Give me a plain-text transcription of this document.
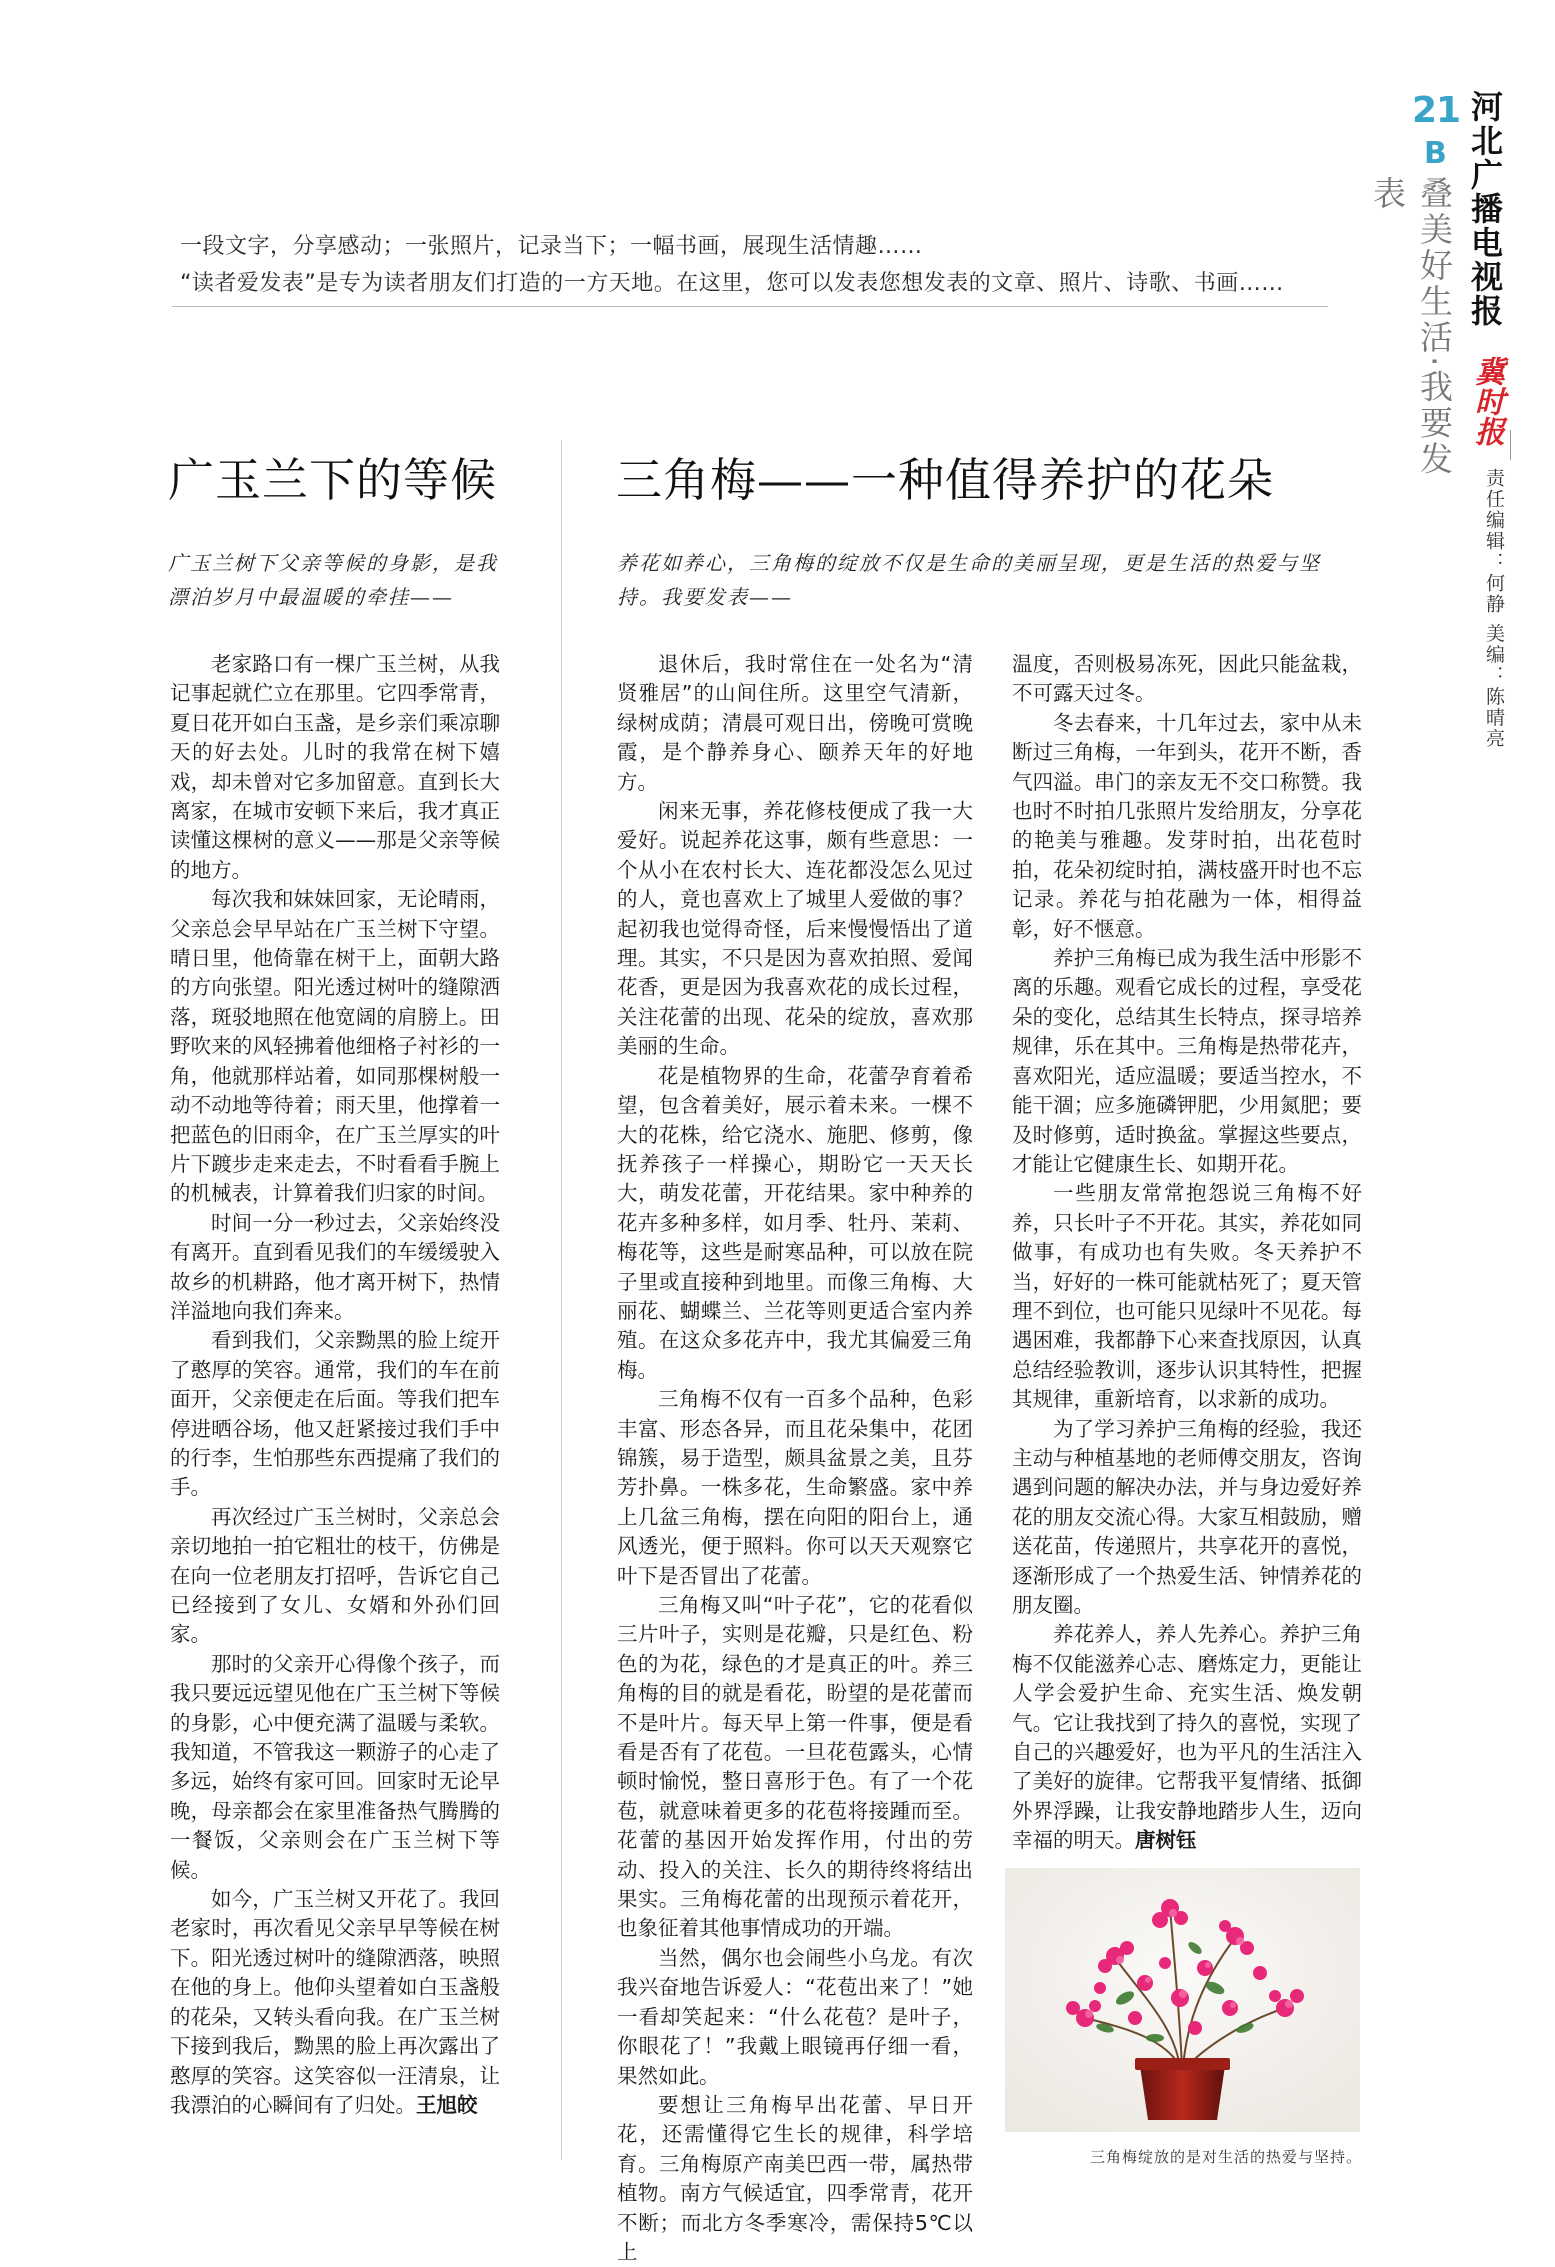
21
B
叠美好生活·我要发表	河北广播电视报
冀时报
责任编辑：何静 美编：陈晴亮

一段文字，分享感动；一张照片，记录当下；一幅书画，展现生活情趣……

“读者爱发表”是专为读者朋友们打造的一方天地。在这里，您可以发表您想发表的文章、照片、诗歌、书画……

广玉兰下的等候

广玉兰树下父亲等候的身影，是我漂泊岁月中最温暖的牵挂——

老家路口有一棵广玉兰树，从我记事起就伫立在那里。它四季常青，夏日花开如白玉盏，是乡亲们乘凉聊天的好去处。儿时的我常在树下嬉戏，却未曾对它多加留意。直到长大离家，在城市安顿下来后，我才真正读懂这棵树的意义——那是父亲等候的地方。

每次我和妹妹回家，无论晴雨，父亲总会早早站在广玉兰树下守望。晴日里，他倚靠在树干上，面朝大路的方向张望。阳光透过树叶的缝隙洒落，斑驳地照在他宽阔的肩膀上。田野吹来的风轻拂着他细格子衬衫的一角，他就那样站着，如同那棵树般一动不动地等待着；雨天里，他撑着一把蓝色的旧雨伞，在广玉兰厚实的叶片下踱步走来走去，不时看看手腕上的机械表，计算着我们归家的时间。

时间一分一秒过去，父亲始终没有离开。直到看见我们的车缓缓驶入故乡的机耕路，他才离开树下，热情洋溢地向我们奔来。

看到我们，父亲黝黑的脸上绽开了憨厚的笑容。通常，我们的车在前面开，父亲便走在后面。等我们把车停进晒谷场，他又赶紧接过我们手中的行李，生怕那些东西提痛了我们的手。

再次经过广玉兰树时，父亲总会亲切地拍一拍它粗壮的枝干，仿佛是在向一位老朋友打招呼，告诉它自己已经接到了女儿、女婿和外孙们回家。

那时的父亲开心得像个孩子，而我只要远远望见他在广玉兰树下等候的身影，心中便充满了温暖与柔软。我知道，不管我这一颗游子的心走了多远，始终有家可回。回家时无论早晚，母亲都会在家里准备热气腾腾的一餐饭，父亲则会在广玉兰树下等候。

如今，广玉兰树又开花了。我回老家时，再次看见父亲早早等候在树下。阳光透过树叶的缝隙洒落，映照在他的身上。他仰头望着如白玉盏般的花朵，又转头看向我。在广玉兰树下接到我后，黝黑的脸上再次露出了憨厚的笑容。这笑容似一汪清泉，让我漂泊的心瞬间有了归处。王旭皎

三角梅——一种值得养护的花朵

养花如养心，三角梅的绽放不仅是生命的美丽呈现，更是生活的热爱与坚持。我要发表——

退休后，我时常住在一处名为“清贤雅居”的山间住所。这里空气清新，绿树成荫；清晨可观日出，傍晚可赏晚霞，是个静养身心、颐养天年的好地方。

闲来无事，养花修枝便成了我一大爱好。说起养花这事，颇有些意思：一个从小在农村长大、连花都没怎么见过的人，竟也喜欢上了城里人爱做的事？起初我也觉得奇怪，后来慢慢悟出了道理。其实，不只是因为喜欢拍照、爱闻花香，更是因为我喜欢花的成长过程，关注花蕾的出现、花朵的绽放，喜欢那美丽的生命。

花是植物界的生命，花蕾孕育着希望，包含着美好，展示着未来。一棵不大的花株，给它浇水、施肥、修剪，像抚养孩子一样操心，期盼它一天天长大，萌发花蕾，开花结果。家中种养的花卉多种多样，如月季、牡丹、茉莉、梅花等，这些是耐寒品种，可以放在院子里或直接种到地里。而像三角梅、大丽花、蝴蝶兰、兰花等则更适合室内养殖。在这众多花卉中，我尤其偏爱三角梅。

三角梅不仅有一百多个品种，色彩丰富、形态各异，而且花朵集中，花团锦簇，易于造型，颇具盆景之美，且芬芳扑鼻。一株多花，生命繁盛。家中养上几盆三角梅，摆在向阳的阳台上，通风透光，便于照料。你可以天天观察它叶下是否冒出了花蕾。

三角梅又叫“叶子花”，它的花看似三片叶子，实则是花瓣，只是红色、粉色的为花，绿色的才是真正的叶。养三角梅的目的就是看花，盼望的是花蕾而不是叶片。每天早上第一件事，便是看看是否有了花苞。一旦花苞露头，心情顿时愉悦，整日喜形于色。有了一个花苞，就意味着更多的花苞将接踵而至。花蕾的基因开始发挥作用，付出的劳动、投入的关注、长久的期待终将结出果实。三角梅花蕾的出现预示着花开，也象征着其他事情成功的开端。

当然，偶尔也会闹些小乌龙。有次我兴奋地告诉爱人：“花苞出来了！”她一看却笑起来：“什么花苞？是叶子，你眼花了！”我戴上眼镜再仔细一看，果然如此。

要想让三角梅早出花蕾、早日开花，还需懂得它生长的规律，科学培育。三角梅原产南美巴西一带，属热带植物。南方气候适宜，四季常青，花开不断；而北方冬季寒冷，需保持5℃以上

温度，否则极易冻死，因此只能盆栽，不可露天过冬。

冬去春来，十几年过去，家中从未断过三角梅，一年到头，花开不断，香气四溢。串门的亲友无不交口称赞。我也时不时拍几张照片发给朋友，分享花的艳美与雅趣。发芽时拍，出花苞时拍，花朵初绽时拍，满枝盛开时也不忘记录。养花与拍花融为一体，相得益彰，好不惬意。

养护三角梅已成为我生活中形影不离的乐趣。观看它成长的过程，享受花朵的变化，总结其生长特点，探寻培养规律，乐在其中。三角梅是热带花卉，喜欢阳光，适应温暖；要适当控水，不能干涸；应多施磷钾肥，少用氮肥；要及时修剪，适时换盆。掌握这些要点，才能让它健康生长、如期开花。

一些朋友常常抱怨说三角梅不好养，只长叶子不开花。其实，养花如同做事，有成功也有失败。冬天养护不当，好好的一株可能就枯死了；夏天管理不到位，也可能只见绿叶不见花。每遇困难，我都静下心来查找原因，认真总结经验教训，逐步认识其特性，把握其规律，重新培育，以求新的成功。

为了学习养护三角梅的经验，我还主动与种植基地的老师傅交朋友，咨询遇到问题的解决办法，并与身边爱好养花的朋友交流心得。大家互相鼓励，赠送花苗，传递照片，共享花开的喜悦，逐渐形成了一个热爱生活、钟情养花的朋友圈。

养花养人，养人先养心。养护三角梅不仅能滋养心志、磨炼定力，更能让人学会爱护生命、充实生活、焕发朝气。它让我找到了持久的喜悦，实现了自己的兴趣爱好，也为平凡的生活注入了美好的旋律。它帮我平复情绪、抵御外界浮躁，让我安静地踏步人生，迈向幸福的明天。唐树钰

三角梅绽放的是对生活的热爱与坚持。
